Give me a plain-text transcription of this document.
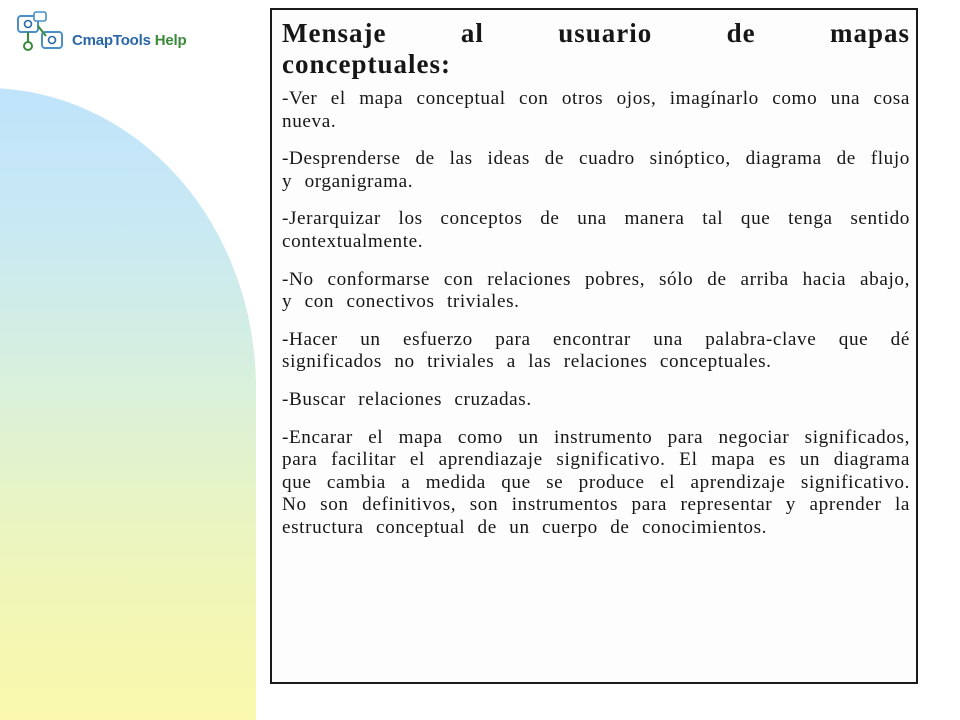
CmapTools Help	Mensaje al usuario de mapas conceptuales:

-Ver el mapa conceptual con otros ojos, imagínarlo como una cosa nueva.

-Desprenderse de las ideas de cuadro sinóptico, diagrama de flujo y organigrama.

-Jerarquizar los conceptos de una manera tal que tenga sentido contextualmente.

-No conformarse con relaciones pobres, sólo de arriba hacia abajo, y con conectivos triviales.

-Hacer un esfuerzo para encontrar una palabra-clave que dé significados no triviales a las relaciones conceptuales.

-Buscar relaciones cruzadas.

-Encarar el mapa como un instrumento para negociar significados, para facilitar el aprendiazaje significativo. El mapa es un diagrama que cambia a medida que se produce el aprendizaje significativo. No son definitivos, son instrumentos para representar y aprender la estructura conceptual de un cuerpo de conocimientos.
